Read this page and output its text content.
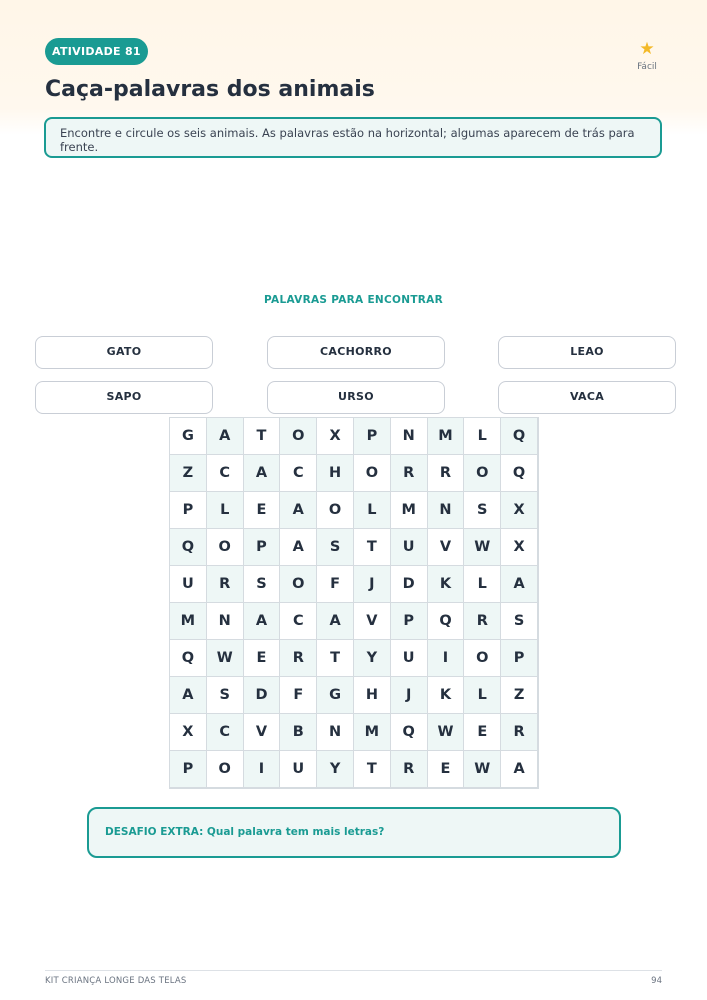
ATIVIDADE 81	★
Fácil
Caça-palavras dos animais
Encontre e circule os seis animais. As palavras estão na horizontal; algumas aparecem de trás para frente.
PALAVRAS PARA ENCONTRAR
GATO	CACHORRO	LEAO
SAPO	URSO	VACA
G	A	T	O	X	P	N	M	L	Q
Z	C	A	C	H	O	R	R	O	Q
P	L	E	A	O	L	M	N	S	X
Q	O	P	A	S	T	U	V	W	X
U	R	S	O	F	J	D	K	L	A
M	N	A	C	A	V	P	Q	R	S
Q	W	E	R	T	Y	U	I	O	P
A	S	D	F	G	H	J	K	L	Z
X	C	V	B	N	M	Q	W	E	R
P	O	I	U	Y	T	R	E	W	A
DESAFIO EXTRA: Qual palavra tem mais letras?
KIT CRIANÇA LONGE DAS TELAS	94
